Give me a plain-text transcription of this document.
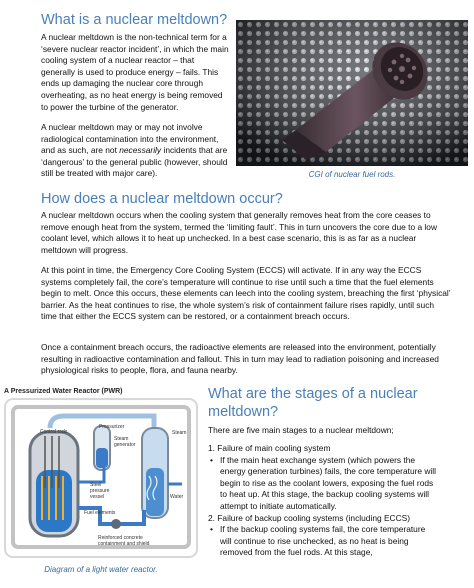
What is a nuclear meltdown?

A nuclear meltdown is the non-technical term for a ‘severe nuclear reactor incident’, in which the main cooling system of a nuclear reactor – that generally is used to produce energy – fails. This ends up damaging the nuclear core through overheating, as no heat energy is being removed to power the turbine of the generator.

A nuclear meltdown may or may not involve radiological contamination into the environment, and as such, are not necessarily incidents that are ‘dangerous’ to the general public (however, should still be treated with major care).	CGI of nuclear fuel rods.
How does a nuclear meltdown occur?

A nuclear meltdown occurs when the cooling system that generally removes heat from the core ceases to remove enough heat from the system, termed the ‘limiting fault’. This in turn uncovers the core due to a low coolant level, which allows it to heat up unchecked. In a best case scenario, this is as far as a nuclear meltdown will progress.

At this point in time, the Emergency Core Cooling System (ECCS) will activate. If in any way the ECCS systems completely fail, the core’s temperature will continue to rise until such a time that the fuel elements begin to melt. Once this occurs, these elements can leech into the cooling system, breaching the first ‘physical’ barrier. As the heat continues to rise, the whole system’s risk of containment failure rises rapidly, until such time that either the ECCS system can be restored, or a containment breach occurs.

Once a containment breach occurs, the radioactive elements are released into the environment, potentially resulting in radioactive contamination and fallout. This in turn may lead to radiation poisoning and increased physiological risks to people, flora, and fauna nearby.

A Pressurized Water Reactor (PWR)
Pressurizer
Control rods	Steam
Steam
generator
Steel
pressure
vessel
Fuel elements
Water
Reinforced concrete
containment and shield
Diagram of a light water reactor.
What are the stages of a nuclear meltdown?

There are five main stages to a nuclear meltdown;

1. Failure of main cooling system
• If the main heat exchange system (which powers the energy generation turbines) fails, the core temperature will begin to rise as the coolant lowers, exposing the fuel rods to heat up. At this stage, the backup cooling systems will attempt to initiate automatically.
2. Failure of backup cooling systems (including ECCS)
• If the backup cooling systems fail, the core temperature will continue to rise unchecked, as no heat is being removed from the fuel rods. At this stage,
